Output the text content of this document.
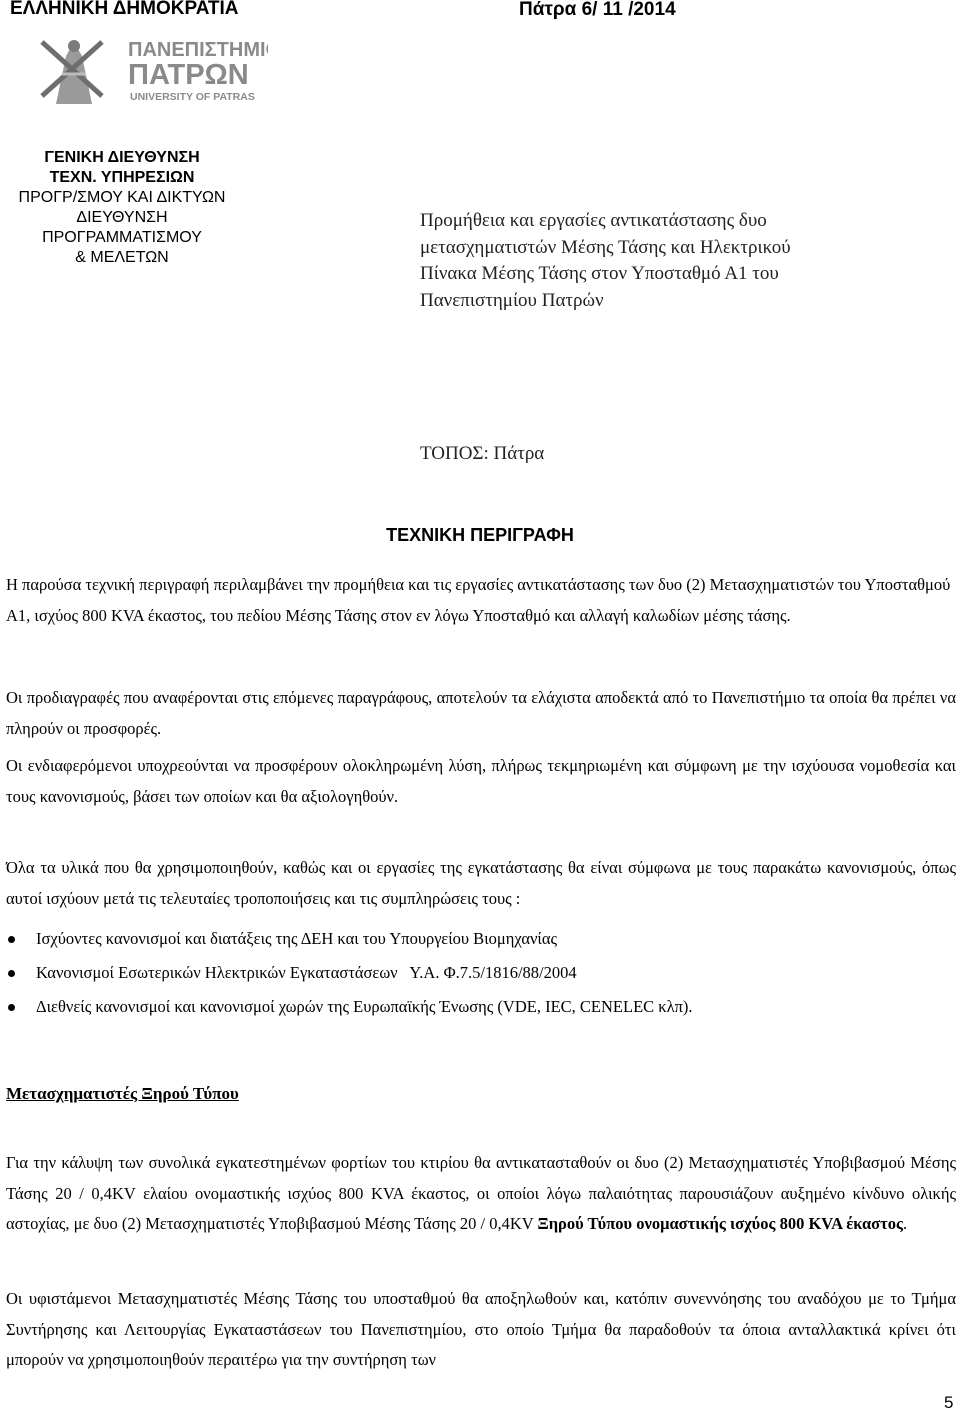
ΕΛΛΗΝΙΚΗ ΔΗΜΟΚΡΑΤΙΑ	Πάτρα 6/ 11 /2014
ΠΑΝΕΠΙΣΤΗΜΙΟ
ΠΑΤΡΩΝ
UNIVERSITY OF PATRAS
ΓΕΝΙΚΗ ΔΙΕΥΘΥΝΣΗ
ΤΕΧΝ. ΥΠΗΡΕΣΙΩΝ
ΠΡΟΓΡ/ΣΜΟΥ ΚΑΙ ΔΙΚΤΥΩΝ
ΔΙΕΥΘΥΝΣΗ
ΠΡΟΓΡΑΜΜΑΤΙΣΜΟΥ
& ΜΕΛΕΤΩΝ
Προμήθεια και εργασίες αντικατάστασης δυο
μετασχηματιστών Μέσης Τάσης και Ηλεκτρικού
Πίνακα Μέσης Τάσης στον Υποσταθμό Α1 του
Πανεπιστημίου Πατρών
ΤΟΠΟΣ: Πάτρα
ΤΕΧΝΙΚΗ ΠΕΡΙΓΡΑΦΗ
Η παρούσα τεχνική περιγραφή περιλαμβάνει την προμήθεια και τις εργασίες αντικατάστασης των δυο (2) Μετασχηματιστών του Υποσταθμού Α1, ισχύος 800 KVA έκαστος, του πεδίου Μέσης Τάσης στον εν λόγω Υποσταθμό και αλλαγή καλωδίων μέσης τάσης.
Οι προδιαγραφές που αναφέρονται στις επόμενες παραγράφους, αποτελούν τα ελάχιστα αποδεκτά από το Πανεπιστήμιο τα οποία θα πρέπει να πληρούν οι προσφορές.
Οι ενδιαφερόμενοι υποχρεούνται να προσφέρουν ολοκληρωμένη λύση, πλήρως τεκμηριωμένη και σύμφωνη με την ισχύουσα νομοθεσία και τους κανονισμούς, βάσει των οποίων και θα αξιολογηθούν.
Όλα τα υλικά που θα χρησιμοποιηθούν, καθώς και οι εργασίες της εγκατάστασης θα είναι σύμφωνα με τους παρακάτω κανονισμούς, όπως αυτοί ισχύουν μετά τις τελευταίες τροποποιήσεις και τις συμπληρώσεις τους :
Ισχύοντες κανονισμοί και διατάξεις της ΔΕΗ και του Υπουργείου Βιομηχανίας
Κανονισμοί Εσωτερικών Ηλεκτρικών Εγκαταστάσεων   Υ.Α. Φ.7.5/1816/88/2004
Διεθνείς κανονισμοί και κανονισμοί χωρών της Ευρωπαϊκής Ένωσης (VDE, IEC, CENELEC κλπ).
Μετασχηματιστές Ξηρού Τύπου
Για την κάλυψη των συνολικά εγκατεστημένων φορτίων του κτιρίου θα αντικατασταθούν οι δυο (2) Μετασχηματιστές Υποβιβασμού Μέσης Τάσης 20 / 0,4KV ελαίου ονομαστικής ισχύος 800 KVA έκαστος, οι οποίοι λόγω παλαιότητας παρουσιάζουν αυξημένο κίνδυνο ολικής αστοχίας, με δυο (2) Μετασχηματιστές Υποβιβασμού Μέσης Τάσης 20 / 0,4KV Ξηρού Τύπου ονομαστικής ισχύος 800 KVA έκαστος.
Οι υφιστάμενοι Μετασχηματιστές Μέσης Τάσης του υποσταθμού θα αποξηλωθούν και, κατόπιν συνεννόησης του αναδόχου με το Τμήμα Συντήρησης και Λειτουργίας Εγκαταστάσεων του Πανεπιστημίου, στο οποίο Τμήμα θα παραδοθούν τα όποια ανταλλακτικά κρίνει ότι μπορούν να χρησιμοποιηθούν περαιτέρω για την συντήρηση των
5
